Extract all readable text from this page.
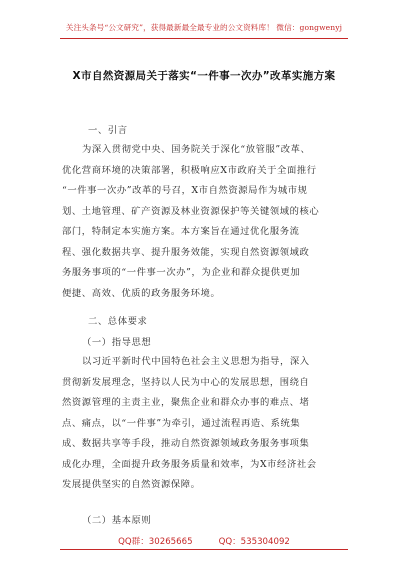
关注头条号“公文研究”，获得最新最全最专业的公文资料库！ 微信：gongwenyj
X市自然资源局关于落实“一件事一次办”改革实施方案
一、引言
为深入贯彻党中央、国务院关于深化“放管服”改革、
优化营商环境的决策部署，积极响应X市政府关于全面推行
“一件事一次办”改革的号召，X市自然资源局作为城市规
划、土地管理、矿产资源及林业资源保护等关键领域的核心
部门，特制定本实施方案。本方案旨在通过优化服务流
程、强化数据共享、提升服务效能，实现自然资源领域政
务服务事项的“一件事一次办”，为企业和群众提供更加
便捷、高效、优质的政务服务环境。
二、总体要求
（一）指导思想
以习近平新时代中国特色社会主义思想为指导，深入
贯彻新发展理念，坚持以人民为中心的发展思想，围绕自
然资源管理的主责主业，聚焦企业和群众办事的难点、堵
点、痛点，以“一件事”为牵引，通过流程再造、系统集
成、数据共享等手段，推动自然资源领域政务服务事项集
成化办理，全面提升政务服务质量和效率，为X市经济社会
发展提供坚实的自然资源保障。
（二）基本原则
QQ群：30265665	QQ：535304092
